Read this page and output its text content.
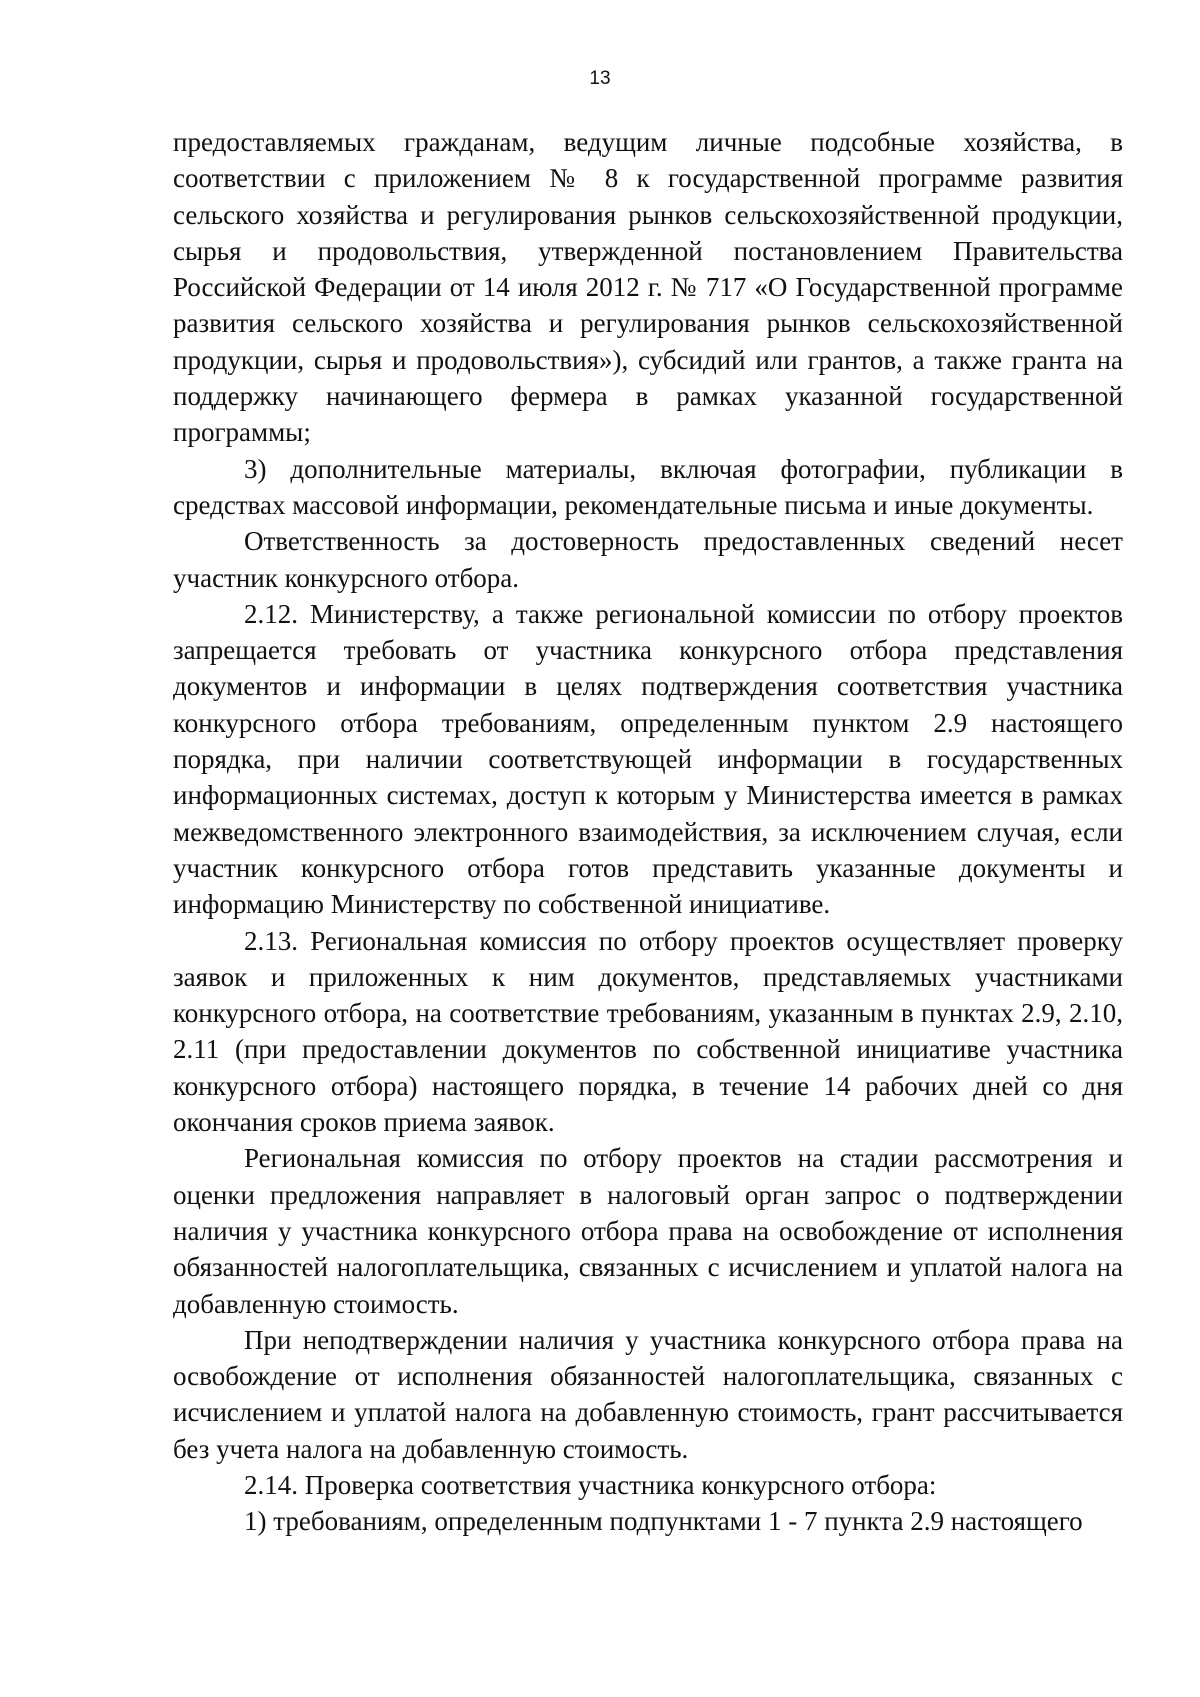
13

предоставляемых гражданам, ведущим личные подсобные хозяйства, в соответствии с приложением № 8 к государственной программе развития сельского хозяйства и регулирования рынков сельскохозяйственной продукции, сырья и продовольствия, утвержденной постановлением Правительства Российской Федерации от 14 июля 2012 г. № 717 «О Государственной программе развития сельского хозяйства и регулирования рынков сельскохозяйственной продукции, сырья и продовольствия»), субсидий или грантов, а также гранта на поддержку начинающего фермера в рамках указанной государственной программы;

3) дополнительные материалы, включая фотографии, публикации в средствах массовой информации, рекомендательные письма и иные документы.

Ответственность за достоверность предоставленных сведений несет участник конкурсного отбора.

2.12. Министерству, а также региональной комиссии по отбору проектов запрещается требовать от участника конкурсного отбора представления документов и информации в целях подтверждения соответствия участника конкурсного отбора требованиям, определенным пунктом 2.9 настоящего порядка, при наличии соответствующей информации в государственных информационных системах, доступ к которым у Министерства имеется в рамках межведомственного электронного взаимодействия, за исключением случая, если участник конкурсного отбора готов представить указанные документы и информацию Министерству по собственной инициативе.

2.13. Региональная комиссия по отбору проектов осуществляет проверку заявок и приложенных к ним документов, представляемых участниками конкурсного отбора, на соответствие требованиям, указанным в пунктах 2.9, 2.10, 2.11 (при предоставлении документов по собственной инициативе участника конкурсного отбора) настоящего порядка, в течение 14 рабочих дней со дня окончания сроков приема заявок.

Региональная комиссия по отбору проектов на стадии рассмотрения и оценки предложения направляет в налоговый орган запрос о подтверждении наличия у участника конкурсного отбора права на освобождение от исполнения обязанностей налогоплательщика, связанных с исчислением и уплатой налога на добавленную стоимость.

При неподтверждении наличия у участника конкурсного отбора права на освобождение от исполнения обязанностей налогоплательщика, связанных с исчислением и уплатой налога на добавленную стоимость, грант рассчитывается без учета налога на добавленную стоимость.

2.14. Проверка соответствия участника конкурсного отбора:

1) требованиям, определенным подпунктами 1 - 7 пункта 2.9 настоящего
